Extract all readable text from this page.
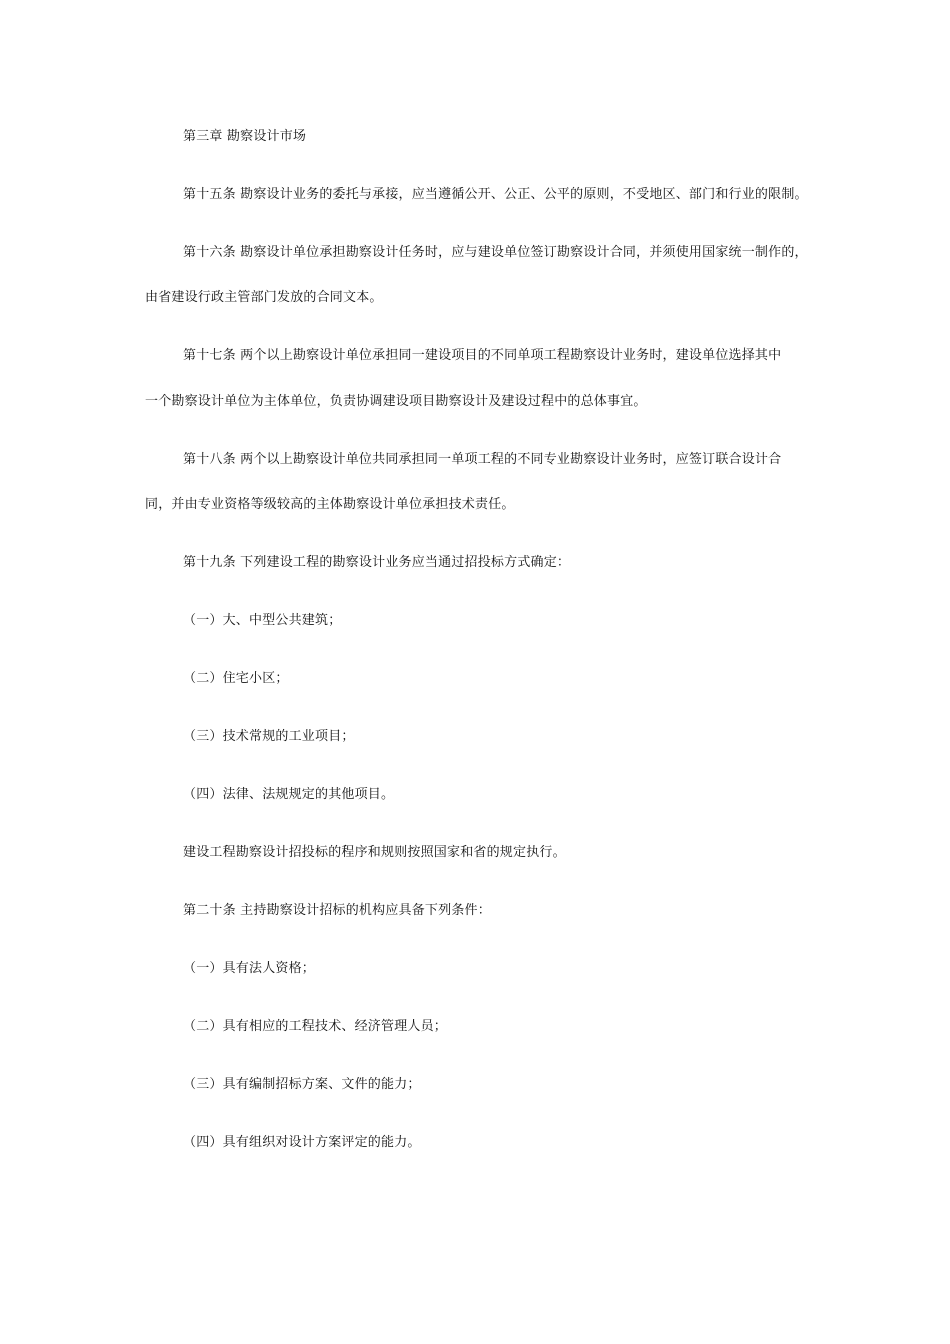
第三章 勘察设计市场
第十五条 勘察设计业务的委托与承接，应当遵循公开、公正、公平的原则，不受地区、部门和行业的限制。
第十六条 勘察设计单位承担勘察设计任务时，应与建设单位签订勘察设计合同，并须使用国家统一制作的，
由省建设行政主管部门发放的合同文本。
第十七条 两个以上勘察设计单位承担同一建设项目的不同单项工程勘察设计业务时，建设单位选择其中
一个勘察设计单位为主体单位，负责协调建设项目勘察设计及建设过程中的总体事宜。
第十八条 两个以上勘察设计单位共同承担同一单项工程的不同专业勘察设计业务时，应签订联合设计合
同，并由专业资格等级较高的主体勘察设计单位承担技术责任。
第十九条 下列建设工程的勘察设计业务应当通过招投标方式确定：
（一）大、中型公共建筑；
（二）住宅小区；
（三）技术常规的工业项目；
（四）法律、法规规定的其他项目。
建设工程勘察设计招投标的程序和规则按照国家和省的规定执行。
第二十条 主持勘察设计招标的机构应具备下列条件：
（一）具有法人资格；
（二）具有相应的工程技术、经济管理人员；
（三）具有编制招标方案、文件的能力；
（四）具有组织对设计方案评定的能力。
